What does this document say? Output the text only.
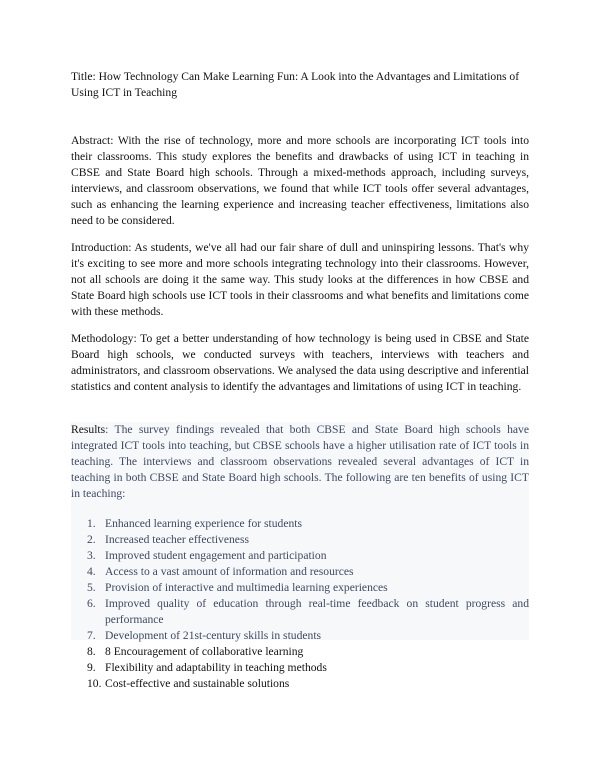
Title: How Technology Can Make Learning Fun: A Look into the Advantages and Limitations of Using ICT in Teaching

Abstract: With the rise of technology, more and more schools are incorporating ICT tools into their classrooms. This study explores the benefits and drawbacks of using ICT in teaching in CBSE and State Board high schools. Through a mixed-methods approach, including surveys, interviews, and classroom observations, we found that while ICT tools offer several advantages, such as enhancing the learning experience and increasing teacher effectiveness, limitations also need to be considered.

Introduction: As students, we've all had our fair share of dull and uninspiring lessons. That's why it's exciting to see more and more schools integrating technology into their classrooms. However, not all schools are doing it the same way. This study looks at the differences in how CBSE and State Board high schools use ICT tools in their classrooms and what benefits and limitations come with these methods.

Methodology: To get a better understanding of how technology is being used in CBSE and State Board high schools, we conducted surveys with teachers, interviews with teachers and administrators, and classroom observations. We analysed the data using descriptive and inferential statistics and content analysis to identify the advantages and limitations of using ICT in teaching.

Results: The survey findings revealed that both CBSE and State Board high schools have integrated ICT tools into teaching, but CBSE schools have a higher utilisation rate of ICT tools in teaching. The interviews and classroom observations revealed several advantages of ICT in teaching in both CBSE and State Board high schools. The following are ten benefits of using ICT in teaching:

1. Enhanced learning experience for students
2. Increased teacher effectiveness
3. Improved student engagement and participation
4. Access to a vast amount of information and resources
5. Provision of interactive and multimedia learning experiences
6. Improved quality of education through real-time feedback on student progress and performance
7. Development of 21st-century skills in students
8. 8 Encouragement of collaborative learning
9. Flexibility and adaptability in teaching methods
10. Cost-effective and sustainable solutions
